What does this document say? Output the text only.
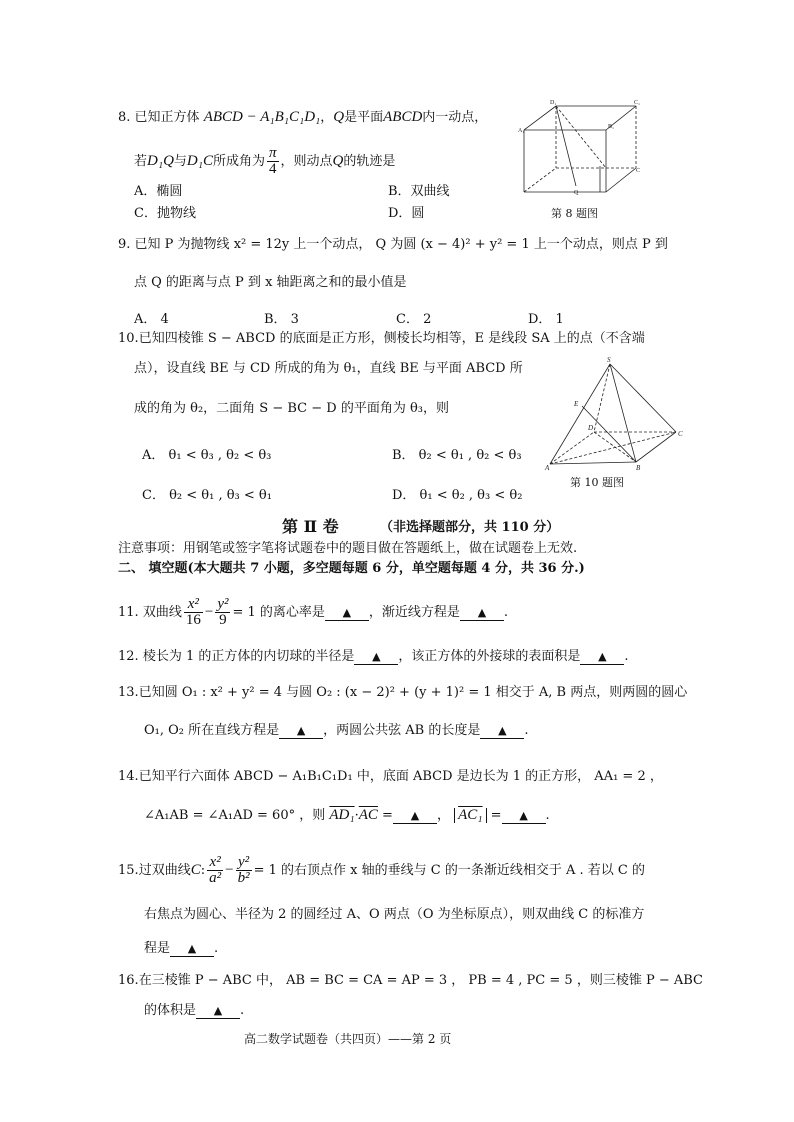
8. 已知正方体 ABCD − A₁B₁C₁D₁，Q是平面ABCD内一动点，
若D₁Q与D₁C所成角为 $\frac{\pi}{4}$ ，则动点Q的轨迹是
A．椭圆	B．双曲线
C．抛物线	D．圆
D₁
A₁
B₁
C₁
Q
C
第 8 题图
9. 已知 P 为抛物线 x² = 12y 上一个动点， Q 为圆 (x − 4)² + y² = 1 上一个动点，则点 P 到
点 Q 的距离与点 P 到 x 轴距离之和的最小值是
A． 4	B． 3	C． 2	D． 1
10.已知四棱锥 S − ABCD 的底面是正方形，侧棱长均相等，E 是线段 SA 上的点（不含端
点），设直线 BE 与 CD 所成的角为 θ₁，直线 BE 与平面 ABCD 所
成的角为 θ₂，二面角 S − BC − D 的平面角为 θ₃，则
A． θ₁ < θ₃ , θ₂ < θ₃	B． θ₂ < θ₁ , θ₂ < θ₃
C． θ₂ < θ₁ , θ₃ < θ₁	D． θ₁ < θ₂ , θ₃ < θ₂
S
E
D
C
A	B
第 10 题图
第 Ⅱ 卷	（非选择题部分，共 110 分）
注意事项：用钢笔或签字笔将试题卷中的题目做在答题纸上，做在试题卷上无效.
二、 填空题(本大题共 7 小题，多空题每题 6 分，单空题每题 4 分，共 36 分.)
11. 双曲线 $\frac{\text{x²}}{16} - \frac{\text{y²}}{9} = 1$ 的离心率是 ▲ ，渐近线方程是 ▲ .
12. 棱长为 1 的正方体的内切球的半径是 ▲ ，该正方体的外接球的表面积是 ▲ .
13.已知圆 O₁ : x² + y² = 4 与圆 O₂ : (x − 2)² + (y + 1)² = 1 相交于 A, B 两点，则两圆的圆心
O₁, O₂ 所在直线方程是 ▲ ，两圆公共弦 AB 的长度是 ▲ .
14.已知平行六面体 ABCD − A₁B₁C₁D₁ 中，底面 ABCD 是边长为 1 的正方形， AA₁ = 2 ，
∠A₁AB = ∠A₁AD = 60° ，则 $AD_1\cdot\overline{AC}$ = ▲ ， AC₁ = ▲ .
15.过双曲线C: $\frac{\text{x²}}{\text{a²}} - \frac{\text{y²}}{\text{b²}} = 1$ 的右顶点作 x 轴的垂线与 C 的一条渐近线相交于 A . 若以 C 的
右焦点为圆心、半径为 2 的圆经过 A、O 两点（O 为坐标原点），则双曲线 C 的标准方
程是 ▲ .
16.在三棱锥 P − ABC 中， AB = BC = CA = AP = 3 ， PB = 4 , PC = 5 ，则三棱锥 P − ABC
的体积是 ▲ .
高二数学试题卷（共四页）——第 2 页
